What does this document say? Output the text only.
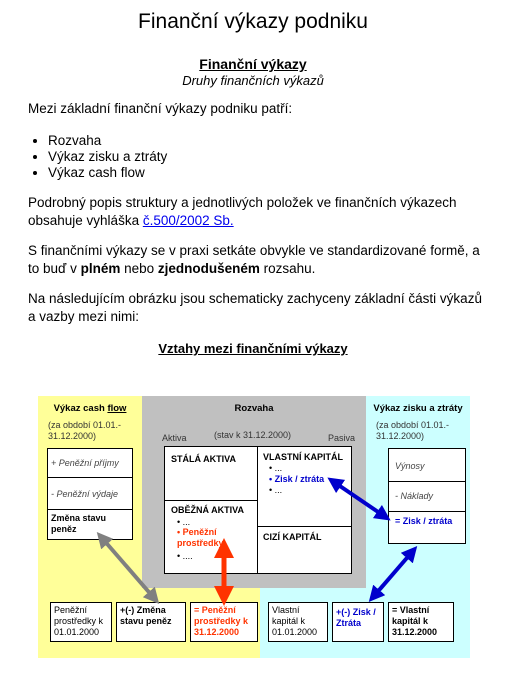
Finanční výkazy podniku
Finanční výkazy
Druhy finančních výkazů
Mezi základní finanční výkazy podniku patří:
• Rozvaha
• Výkaz zisku a ztráty
• Výkaz cash flow
Podrobný popis struktury a jednotlivých položek ve finančních výkazech obsahuje vyhláška č.500/2002 Sb.
S finančními výkazy se v praxi setkáte obvykle ve standardizované formě, a to buď v plném nebo zjednodušeném rozsahu.
Na následujícím obrázku jsou schematicky zachyceny základní části výkazů a vazby mezi nimi:
Vztahy mezi finančními výkazy
Výkaz cash flow
(za období 01.01.- 31.12.2000)
+ Peněžní příjmy
- Peněžní výdaje
Změna stavu peněz
Rozvaha
Aktiva	(stav k 31.12.2000)	Pasiva
STÁLÁ AKTIVA
OBĚŽNÁ AKTIVA
• ...
• Peněžní prostředky
• ....
VLASTNÍ KAPITÁL
• ...
• Zisk / ztráta
• ...
CIZÍ KAPITÁL
Výkaz zisku a ztráty
(za období 01.01.- 31.12.2000)
Výnosy
- Náklady
= Zisk / ztráta
Peněžní prostředky k 01.01.2000
+(-) Změna stavu peněz
= Peněžní prostředky k 31.12.2000
Vlastní kapitál k 01.01.2000
+(-) Zisk / Ztráta
= Vlastní kapitál k 31.12.2000
